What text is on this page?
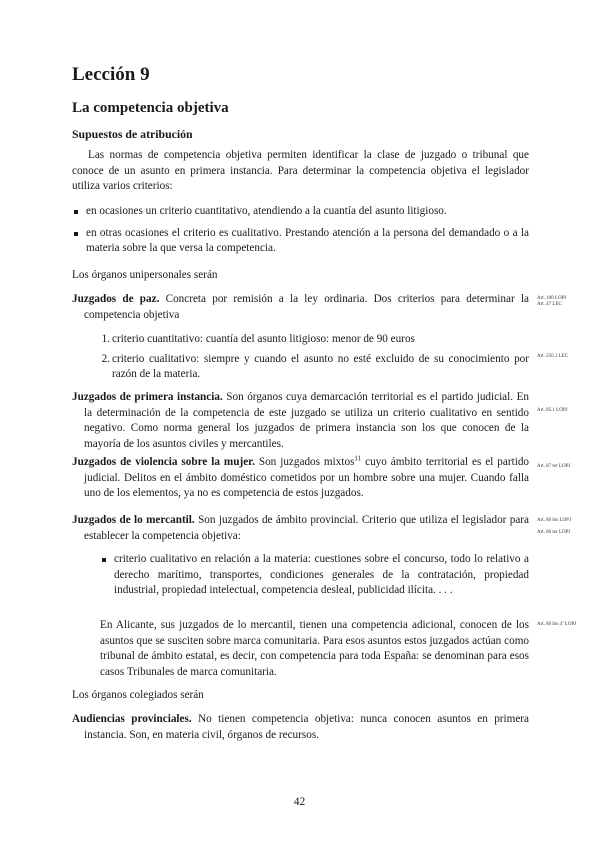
Lección 9
La competencia objetiva
Supuestos de atribución

Las normas de competencia objetiva permiten identificar la clase de juzgado o tribunal que conoce de un asunto en primera instancia. Para determinar la competencia objetiva el legislador utiliza varios criterios:

en ocasiones un criterio cuantitativo, atendiendo a la cuantía del asunto litigioso.
en otras ocasiones el criterio es cualitativo. Prestando atención a la persona del demandado o a la materia sobre la que versa la competencia.
Los órganos unipersonales serán

Juzgados de paz. Concreta por remisión a la ley ordinaria. Dos criterios para determinar la competencia objetiva

Art. 100 LOPJ
Art. 47 LEC
1. criterio cuantitativo: cuantía del asunto litigioso: menor de 90 euros
2. criterio cualitativo: siempre y cuando el asunto no esté excluido de su conocimiento por razón de la materia.
Art. 250.1 LEC

Juzgados de primera instancia. Son órganos cuya demarcación territorial es el partido judicial. En la determinación de la competencia de este juzgado se utiliza un criterio cualitativo en sentido negativo. Como norma general los juzgados de primera instancia son los que conocen de la mayoría de los asuntos civiles y mercantiles.

Art. 85.1 LOPJ

Juzgados de violencia sobre la mujer. Son juzgados mixtos$^{11}$ cuyo ámbito territorial es el partido judicial. Delitos en el ámbito doméstico cometidos por un hombre sobre una mujer. Cuando falla uno de los elementos, ya no es competencia de estos juzgados.

Art. 87 ter LOPJ

Juzgados de lo mercantil. Son juzgados de ámbito provincial. Criterio que utiliza el legislador para establecer la competencia objetiva:

Art. 86 bis LOPJ
Art. 86 ter LOPJ
criterio cualitativo en relación a la materia: cuestiones sobre el concurso, todo lo relativo a derecho marítimo, transportes, condiciones generales de la contratación, propiedad industrial, propiedad intelectual, competencia desleal, publicidad ilícita. . . .

En Alicante, sus juzgados de lo mercantil, tienen una competencia adicional, conocen de los asuntos que se susciten sobre marca comunitaria. Para esos asuntos estos juzgados actúan como tribunal de ámbito estatal, es decir, con competencia para toda España: se denominan para esos casos Tribunales de marca comunitaria.

Art. 86 bis 4º LOPJ
Los órganos colegiados serán

Audiencias provinciales. No tienen competencia objetiva: nunca conocen asuntos en primera instancia. Son, en materia civil, órganos de recursos.

42
